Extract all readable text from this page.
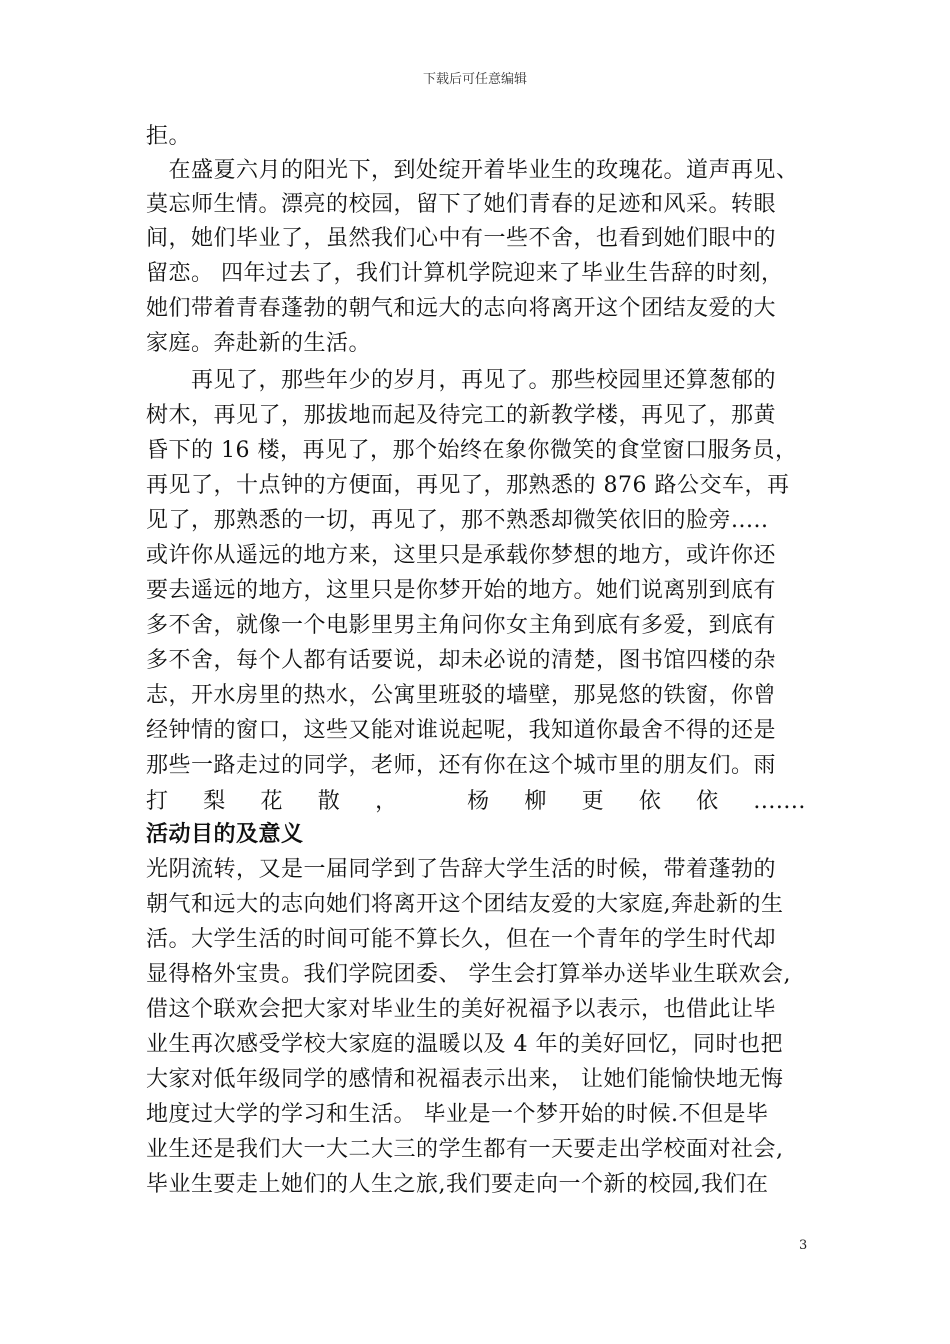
下载后可任意编辑
拒。
　在盛夏六月的阳光下，到处绽开着毕业生的玫瑰花。道声再见、
莫忘师生情。漂亮的校园，留下了她们青春的足迹和风采。转眼
间，她们毕业了，虽然我们心中有一些不舍，也看到她们眼中的
留恋。 四年过去了，我们计算机学院迎来了毕业生告辞的时刻，
她们带着青春蓬勃的朝气和远大的志向将离开这个团结友爱的大
家庭。奔赴新的生活。
　　再见了，那些年少的岁月，再见了。那些校园里还算葱郁的
树木，再见了，那拔地而起及待完工的新教学楼，再见了，那黄
昏下的 16 楼，再见了，那个始终在象你微笑的食堂窗口服务员，
再见了，十点钟的方便面，再见了，那熟悉的 876 路公交车，再
见了，那熟悉的一切，再见了，那不熟悉却微笑依旧的脸旁.....
或许你从遥远的地方来，这里只是承载你梦想的地方，或许你还
要去遥远的地方，这里只是你梦开始的地方。她们说离别到底有
多不舍，就像一个电影里男主角问你女主角到底有多爱，到底有
多不舍，每个人都有话要说，却未必说的清楚，图书馆四楼的杂
志，开水房里的热水，公寓里班驳的墙壁，那晃悠的铁窗，你曾
经钟情的窗口，这些又能对谁说起呢，我知道你最舍不得的还是
那些一路走过的同学，老师，还有你在这个城市里的朋友们。雨
打 梨 花 散 ，	杨 柳 更 依 依 .......
活动目的及意义
光阴流转，又是一届同学到了告辞大学生活的时候，带着蓬勃的
朝气和远大的志向她们将离开这个团结友爱的大家庭,奔赴新的生
活。大学生活的时间可能不算长久，但在一个青年的学生时代却
显得格外宝贵。我们学院团委、 学生会打算举办送毕业生联欢会,
借这个联欢会把大家对毕业生的美好祝福予以表示，也借此让毕
业生再次感受学校大家庭的温暖以及 4 年的美好回忆，同时也把
大家对低年级同学的感情和祝福表示出来， 让她们能愉快地无悔
地度过大学的学习和生活。 毕业是一个梦开始的时候.不但是毕
业生还是我们大一大二大三的学生都有一天要走出学校面对社会,
毕业生要走上她们的人生之旅,我们要走向一个新的校园,我们在
3
